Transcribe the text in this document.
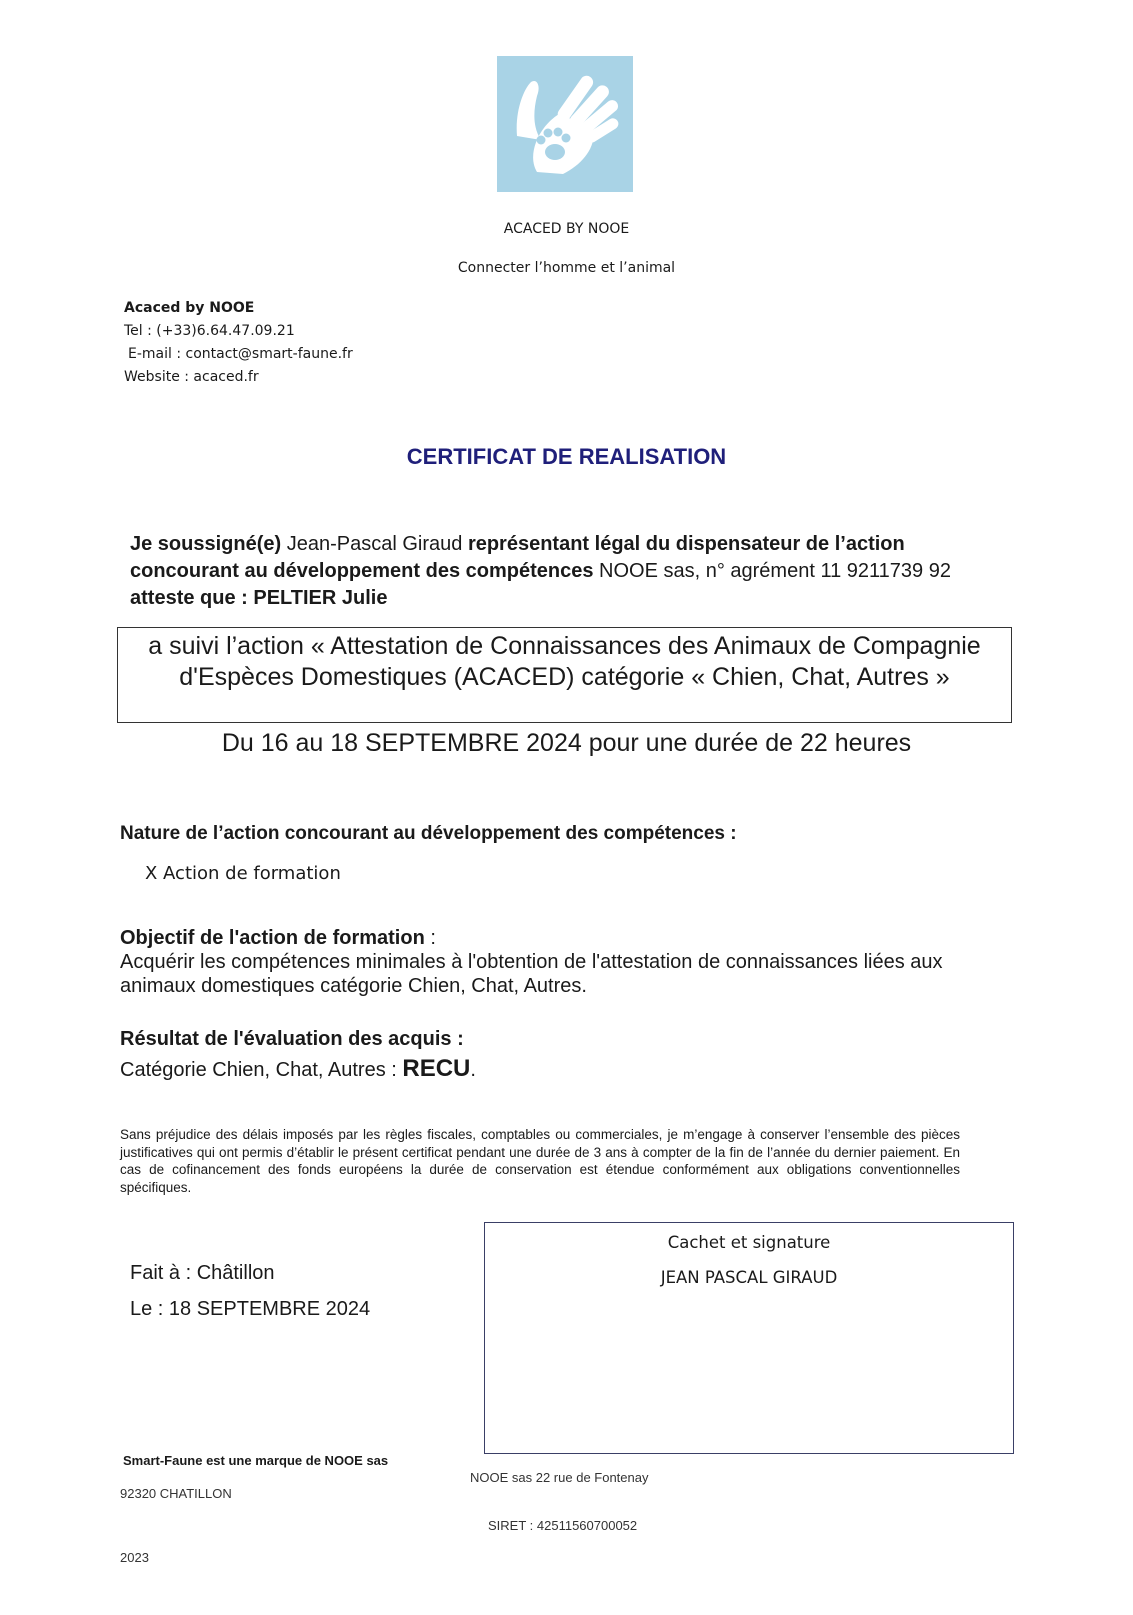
ACACED BY NOOE
Connecter l’homme et l’animal
Acaced by NOOE
Tel : (+33)6.64.47.09.21
E-mail : contact@smart-faune.fr
Website : acaced.fr
CERTIFICAT DE REALISATION
Je soussigné(e) Jean-Pascal Giraud représentant légal du dispensateur de l’action concourant au développement des compétences NOOE sas, n° agrément 11 9211739 92 atteste que : PELTIER Julie
a suivi l’action « Attestation de Connaissances des Animaux de Compagnie d'Espèces Domestiques (ACACED) catégorie « Chien, Chat, Autres »
Du 16 au 18 SEPTEMBRE 2024 pour une durée de 22 heures
Nature de l’action concourant au développement des compétences :
X Action de formation
Objectif de l'action de formation :
Acquérir les compétences minimales à l'obtention de l'attestation de connaissances liées aux animaux domestiques catégorie Chien, Chat, Autres.
Résultat de l'évaluation des acquis :
Catégorie Chien, Chat, Autres : RECU.
Sans préjudice des délais imposés par les règles fiscales, comptables ou commerciales, je m’engage à conserver l’ensemble des pièces justificatives qui ont permis d’établir le présent certificat pendant une durée de 3 ans à compter de la fin de l’année du dernier paiement. En cas de cofinancement des fonds européens la durée de conservation est étendue conformément aux obligations conventionnelles spécifiques.
Cachet et signature
JEAN PASCAL GIRAUD
Fait à : Châtillon
Le : 18 SEPTEMBRE 2024
Smart-Faune est une marque de NOOE sas
NOOE sas 22 rue de Fontenay
92320 CHATILLON
SIRET : 42511560700052
2023
